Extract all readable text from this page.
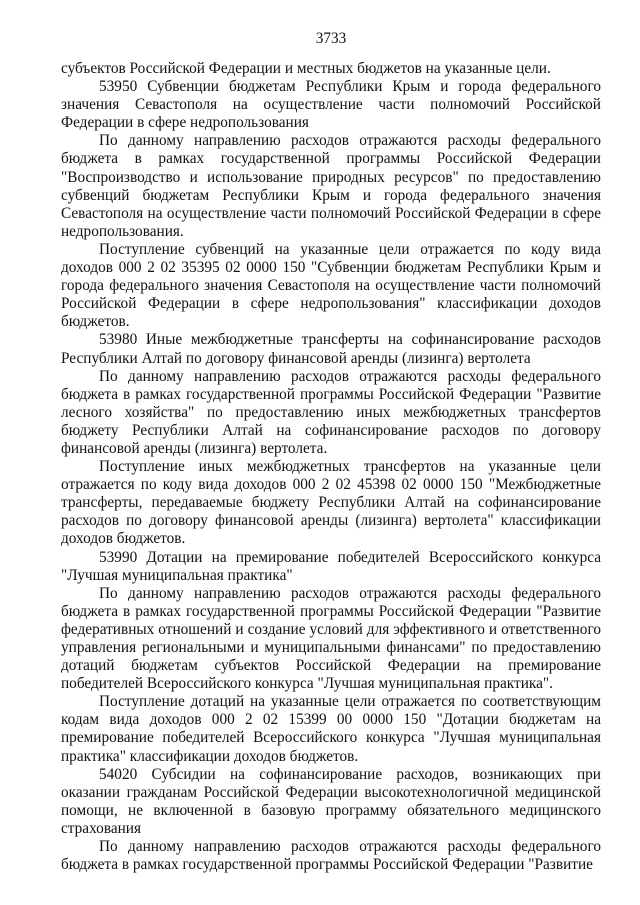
3733

субъектов Российской Федерации и местных бюджетов на указанные цели.

53950 Субвенции бюджетам Республики Крым и города федерального значения Севастополя на осуществление части полномочий Российской Федерации в сфере недропользования

По данному направлению расходов отражаются расходы федерального бюджета в рамках государственной программы Российской Федерации "Воспроизводство и использование природных ресурсов" по предоставлению субвенций бюджетам Республики Крым и города федерального значения Севастополя на осуществление части полномочий Российской Федерации в сфере недропользования.

Поступление субвенций на указанные цели отражается по коду вида доходов 000 2 02 35395 02 0000 150 "Субвенции бюджетам Республики Крым и города федерального значения Севастополя на осуществление части полномочий Российской Федерации в сфере недропользования" классификации доходов бюджетов.

53980 Иные межбюджетные трансферты на софинансирование расходов Республики Алтай по договору финансовой аренды (лизинга) вертолета

По данному направлению расходов отражаются расходы федерального бюджета в рамках государственной программы Российской Федерации "Развитие лесного хозяйства" по предоставлению иных межбюджетных трансфертов бюджету Республики Алтай на софинансирование расходов по договору финансовой аренды (лизинга) вертолета.

Поступление иных межбюджетных трансфертов на указанные цели отражается по коду вида доходов 000 2 02 45398 02 0000 150 "Межбюджетные трансферты, передаваемые бюджету Республики Алтай на софинансирование расходов по договору финансовой аренды (лизинга) вертолета" классификации доходов бюджетов.

53990 Дотации на премирование победителей Всероссийского конкурса "Лучшая муниципальная практика"

По данному направлению расходов отражаются расходы федерального бюджета в рамках государственной программы Российской Федерации "Развитие федеративных отношений и создание условий для эффективного и ответственного управления региональными и муниципальными финансами" по предоставлению дотаций бюджетам субъектов Российской Федерации на премирование победителей Всероссийского конкурса "Лучшая муниципальная практика".

Поступление дотаций на указанные цели отражается по соответствующим кодам вида доходов 000 2 02 15399 00 0000 150 "Дотации бюджетам на премирование победителей Всероссийского конкурса "Лучшая муниципальная практика" классификации доходов бюджетов.

54020 Субсидии на софинансирование расходов, возникающих при оказании гражданам Российской Федерации высокотехнологичной медицинской помощи, не включенной в базовую программу обязательного медицинского страхования

По данному направлению расходов отражаются расходы федерального бюджета в рамках государственной программы Российской Федерации "Развитие
